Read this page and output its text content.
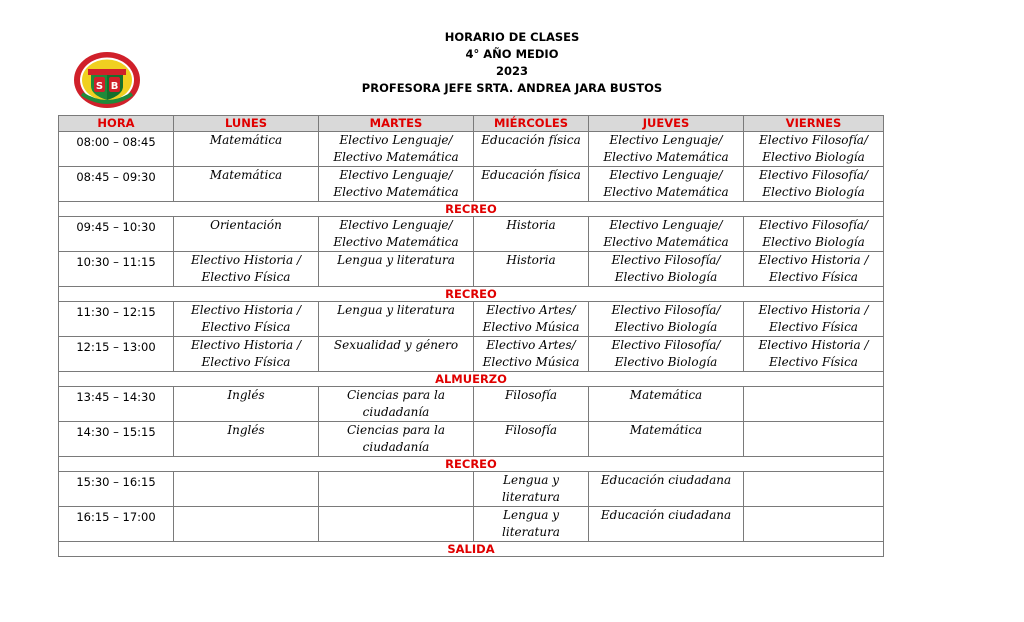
HORARIO DE CLASES
4° AÑO MEDIO
2023
PROFESORA JEFE SRTA. ANDREA JARA BUSTOS
S B
HORA	LUNES	MARTES	MIÉRCOLES	JUEVES	VIERNES
08:00 – 08:45	Matemática	Electivo Lenguaje/ Electivo Matemática	Educación física	Electivo Lenguaje/ Electivo Matemática	Electivo Filosofía/ Electivo Biología
08:45 – 09:30	Matemática	Electivo Lenguaje/ Electivo Matemática	Educación física	Electivo Lenguaje/ Electivo Matemática	Electivo Filosofía/ Electivo Biología
RECREO					
09:45 – 10:30	Orientación	Electivo Lenguaje/ Electivo Matemática	Historia	Electivo Lenguaje/ Electivo Matemática	Electivo Filosofía/ Electivo Biología
10:30 – 11:15	Electivo Historia / Electivo Física	Lengua y literatura	Historia	Electivo Filosofía/ Electivo Biología	Electivo Historia / Electivo Física
RECREO					
11:30 – 12:15	Electivo Historia / Electivo Física	Lengua y literatura	Electivo Artes/ Electivo Música	Electivo Filosofía/ Electivo Biología	Electivo Historia / Electivo Física
12:15 – 13:00	Electivo Historia / Electivo Física	Sexualidad y género	Electivo Artes/ Electivo Música	Electivo Filosofía/ Electivo Biología	Electivo Historia / Electivo Física
ALMUERZO					
13:45 – 14:30	Inglés	Ciencias para la ciudadanía	Filosofía	Matemática	
14:30 – 15:15	Inglés	Ciencias para la ciudadanía	Filosofía	Matemática	
RECREO					
15:30 – 16:15			Lengua y literatura	Educación ciudadana	
16:15 – 17:00			Lengua y literatura	Educación ciudadana	
SALIDA					
